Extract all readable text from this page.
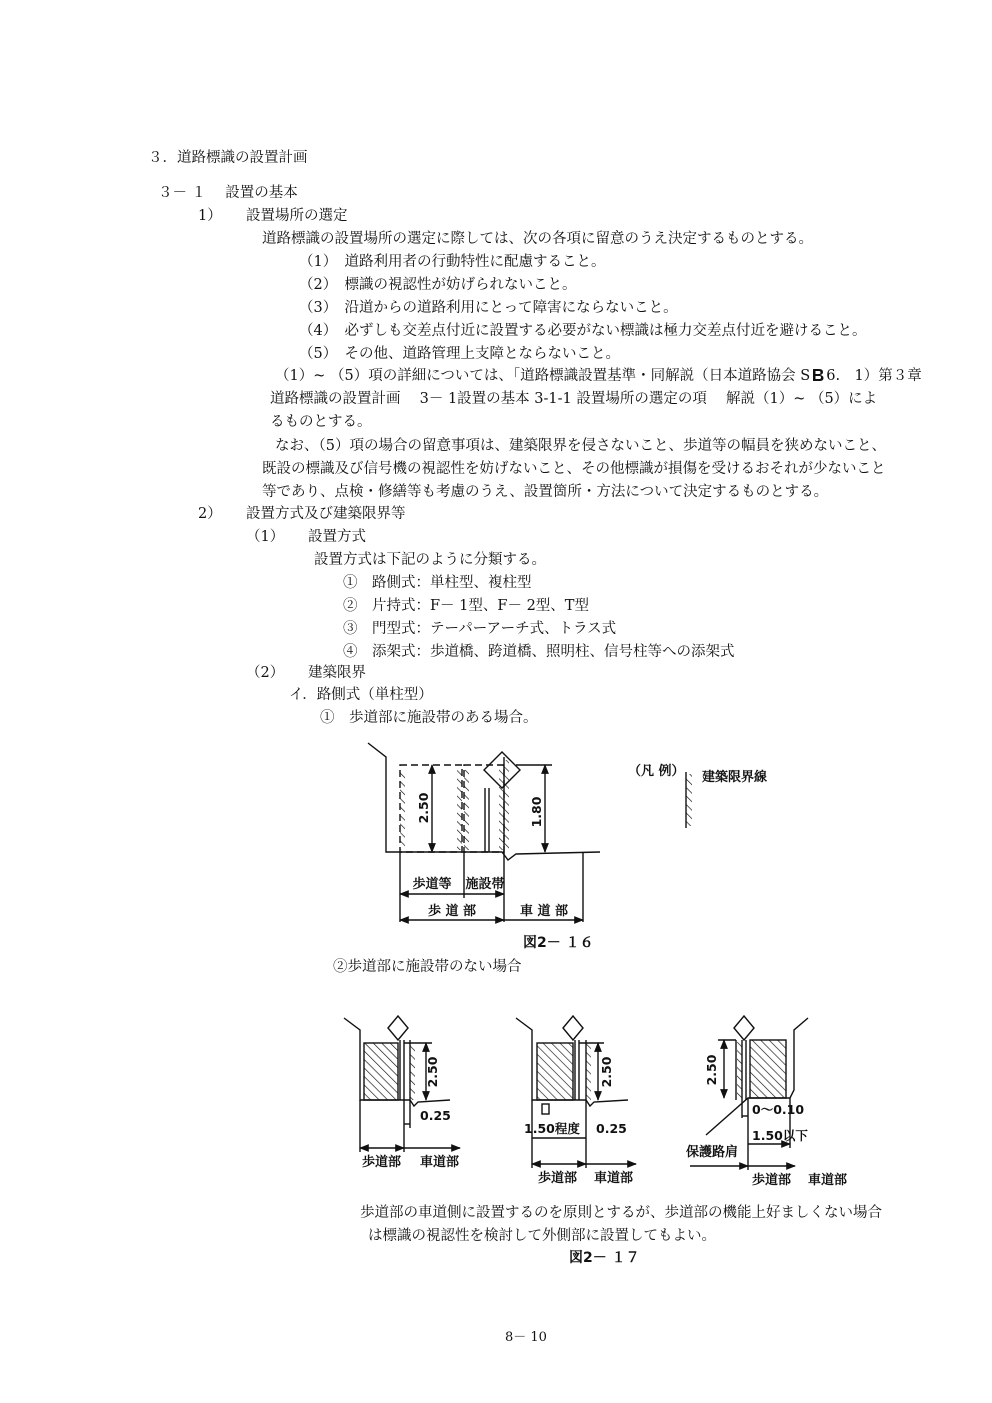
３．道路標識の設置計画
３－ １　 設置の基本
1） 設置場所の選定
道路標識の設置場所の選定に際しては、次の各項に留意のうえ決定するものとする。
（1）　道路利用者の行動特性に配慮すること。
（2）　標識の視認性が妨げられないこと。
（3）　沿道からの道路利用にとって障害にならないこと。
（4）　必ずしも交差点付近に設置する必要がない標識は極力交差点付近を避けること。
（5）　その他、道路管理上支障とならないこと。
（1）~ （5）項の詳細については、「道路標識設置基準・同解説（日本道路協会 S 6.　1）第３章
道路標識の設置計画　 3－ 1設置の基本 3-1-1 設置場所の選定の項　 解説（1）~ （5）によ
るものとする。
なお、（5）項の場合の留意事項は、建築限界を侵さないこと、歩道等の幅員を狭めないこと、
既設の標識及び信号機の視認性を妨げないこと、その他標識が損傷を受けるおそれが少ないこと
等であり、点検・修繕等も考慮のうえ、設置箇所・方法について決定するものとする。
2） 設置方式及び建築限界等
（1） 設置方式
設置方式は下記のように分類する。
①　路側式：単柱型、複柱型
②　片持式：F－ 1型、F－ 2型、T型
③　門型式：テーパーアーチ式、トラス式
④　添架式：歩道橋、跨道橋、照明柱、信号柱等への添架式
（2） 建築限界
イ．路側式（単柱型）
①　歩道部に施設帯のある場合。
②歩道部に施設帯のない場合
歩道部の車道側に設置するのを原則とするが、歩道部の機能上好ましくない場合
は標識の視認性を検討して外側部に設置してもよい。
8－ 10
2.50	1.80
歩道等 施設帯
歩 道 部	車 道 部
（凡 例） 建築限界線
図2－ １６
2.50
0.25
歩道部 車道部
2.50
1.50程度 0.25
歩道部 車道部
2.50
0～0.10
1.50以下
保護路肩
歩道部 車道部
図2－ １７
